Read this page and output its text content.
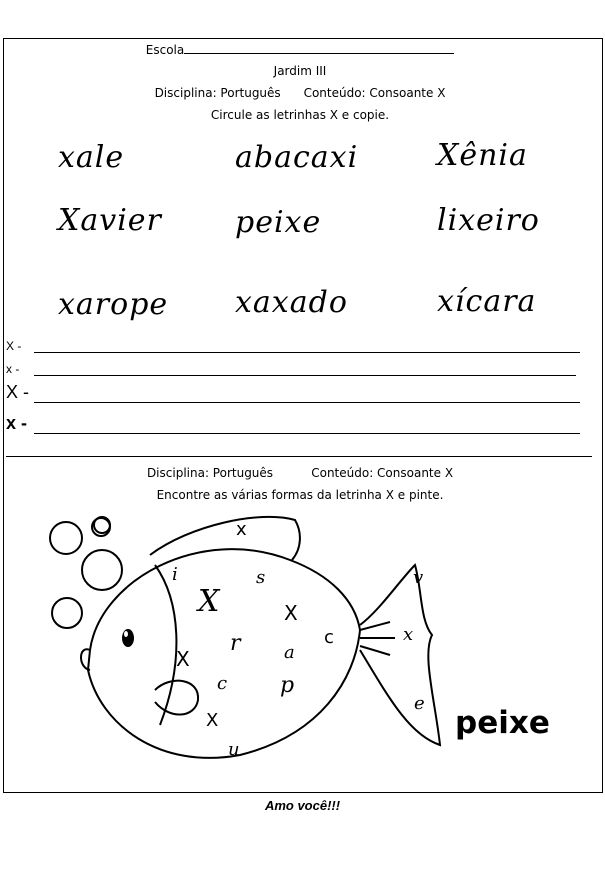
Escola
Jardim III
Disciplina: Português Conteúdo: Consoante X
Circule as letrinhas X e copie.
xale	abacaxi	Xênia
Xavier peixe	lixeiro
xarope xaxado	xícara
X -
x -
X -
x -
Disciplina: Português	Conteúdo: Consoante X
Encontre as várias formas da letrinha X e pinte.
x
i	s
X	X
r a
c
X
c p
X
u
v
x
e
peixe
Amo você!!!
